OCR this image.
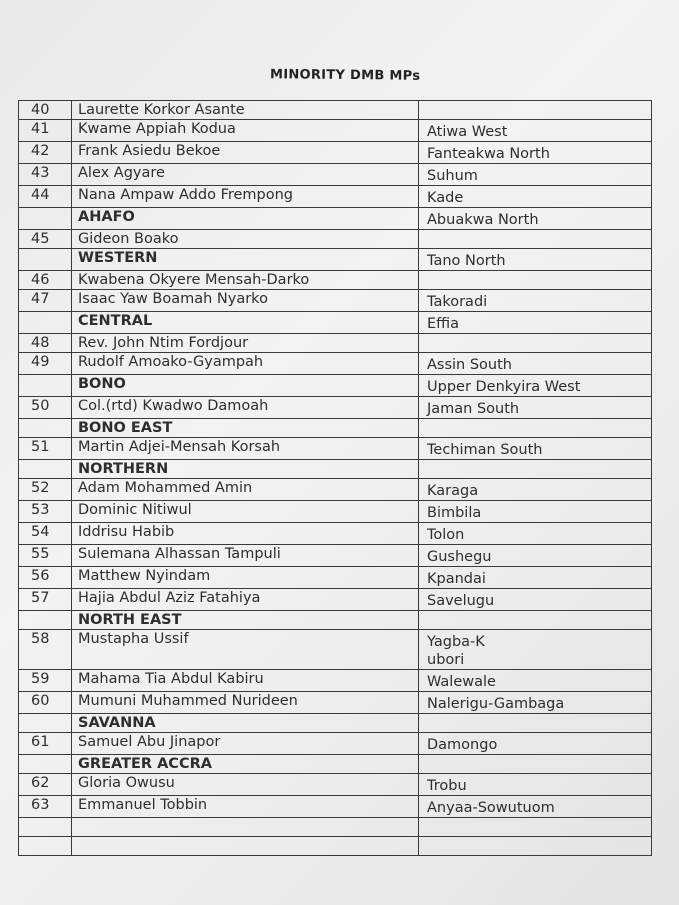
MINORITY DMB MPs
40	Laurette Korkor Asante	

41	Kwame Appiah Kodua	Atiwa West

42	Frank Asiedu Bekoe	Fanteakwa North

43	Alex Agyare	Suhum

44	Nana Ampaw Addo Frempong	Kade

	AHAFO	Abuakwa North

45	Gideon Boako	

	WESTERN	Tano North

46	Kwabena Okyere Mensah-Darko	

47	Isaac Yaw Boamah Nyarko	Takoradi

	CENTRAL	Effia

48	Rev. John Ntim Fordjour	

49	Rudolf Amoako-Gyampah	Assin South

	BONO	Upper Denkyira West

50	Col.(rtd) Kwadwo Damoah	Jaman South

	BONO EAST	

51	Martin Adjei-Mensah Korsah	Techiman South

	NORTHERN	

52	Adam Mohammed Amin	Karaga

53	Dominic Nitiwul	Bimbila

54	Iddrisu Habib	Tolon

55	Sulemana Alhassan Tampuli	Gushegu

56	Matthew Nyindam	Kpandai

57	Hajia Abdul Aziz Fatahiya	Savelugu

	NORTH EAST	

58	Mustapha Ussif	Yagba-K ubori

59	Mahama Tia Abdul Kabiru	Walewale

60	Mumuni Muhammed Nurideen	Nalerigu-Gambaga

	SAVANNA	

61	Samuel Abu Jinapor	Damongo

	GREATER ACCRA	

62	Gloria Owusu	Trobu

63	Emmanuel Tobbin	Anyaa-Sowutuom
